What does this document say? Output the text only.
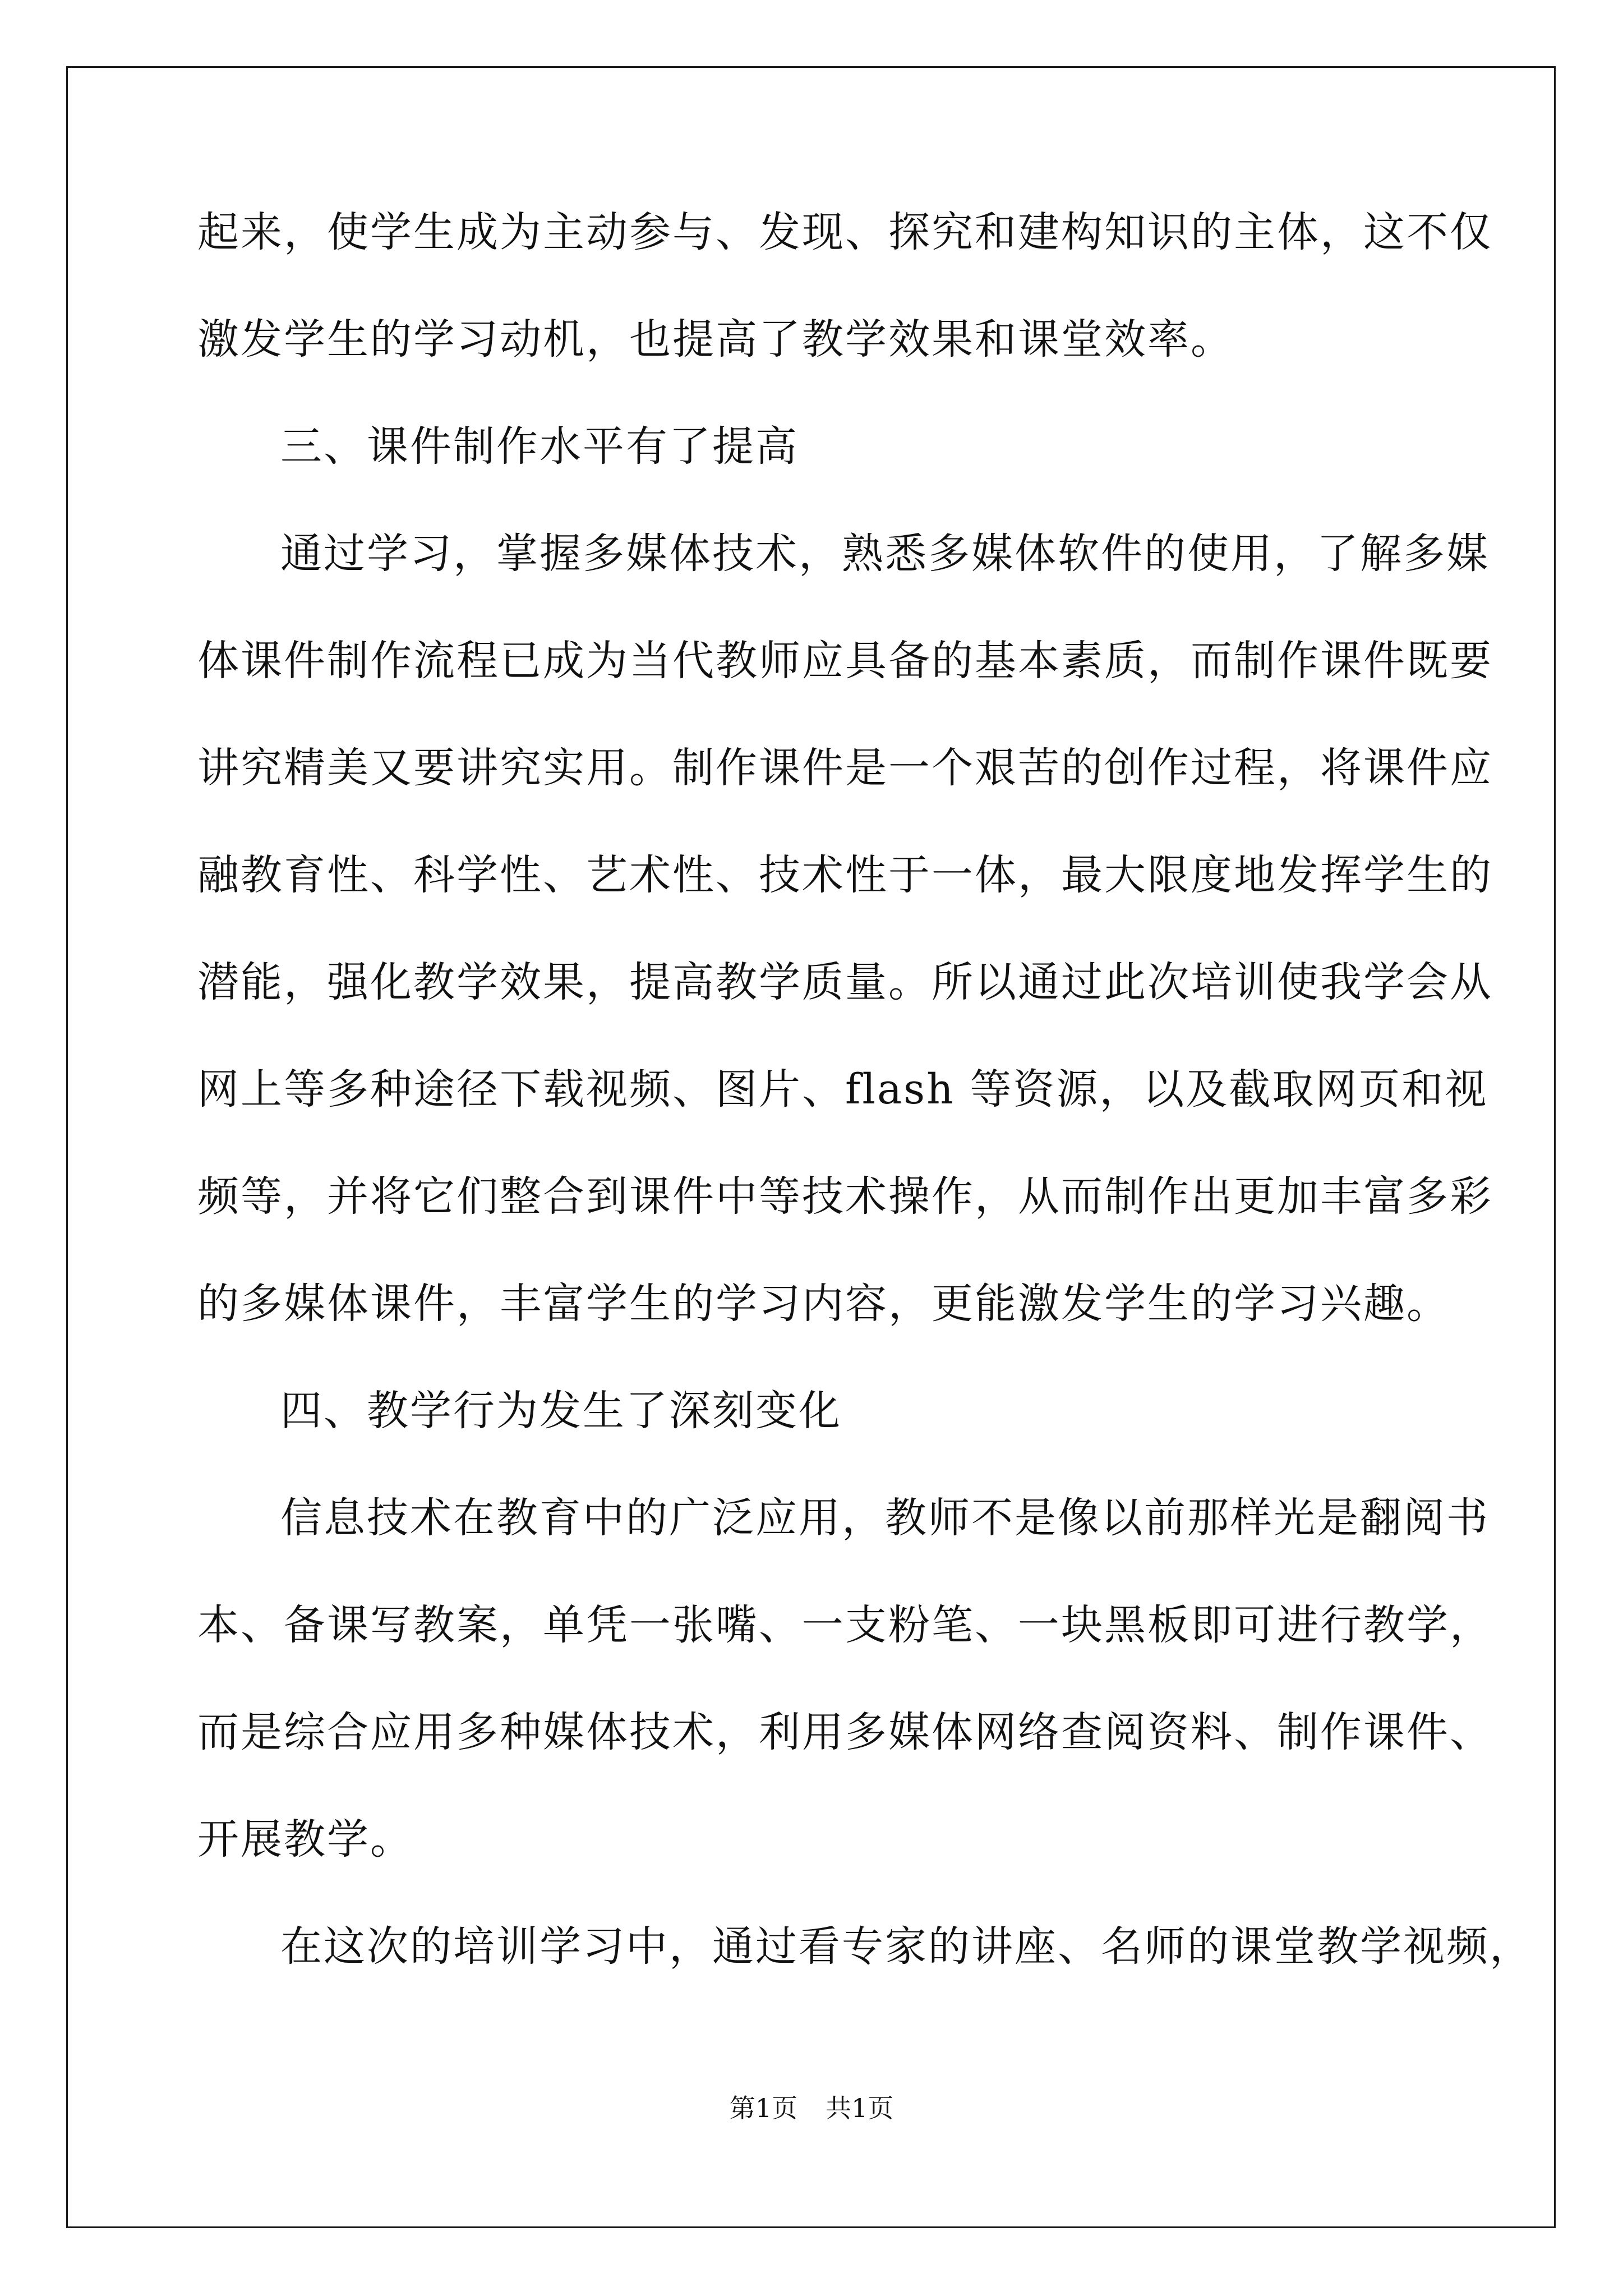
起来，使学生成为主动参与、发现、探究和建构知识的主体，这不仅
激发学生的学习动机，也提高了教学效果和课堂效率。
三、课件制作水平有了提高
通过学习，掌握多媒体技术，熟悉多媒体软件的使用，了解多媒
体课件制作流程已成为当代教师应具备的基本素质，而制作课件既要
讲究精美又要讲究实用。制作课件是一个艰苦的创作过程，将课件应
融教育性、科学性、艺术性、技术性于一体，最大限度地发挥学生的
潜能，强化教学效果，提高教学质量。所以通过此次培训使我学会从
网上等多种途径下载视频、图片、flash 等资源，以及截取网页和视
频等，并将它们整合到课件中等技术操作，从而制作出更加丰富多彩
的多媒体课件，丰富学生的学习内容，更能激发学生的学习兴趣。
四、教学行为发生了深刻变化
信息技术在教育中的广泛应用，教师不是像以前那样光是翻阅书
本、备课写教案，单凭一张嘴、一支粉笔、一块黑板即可进行教学，
而是综合应用多种媒体技术，利用多媒体网络查阅资料、制作课件、
开展教学。
在这次的培训学习中，通过看专家的讲座、名师的课堂教学视频，
第1页 共1页
